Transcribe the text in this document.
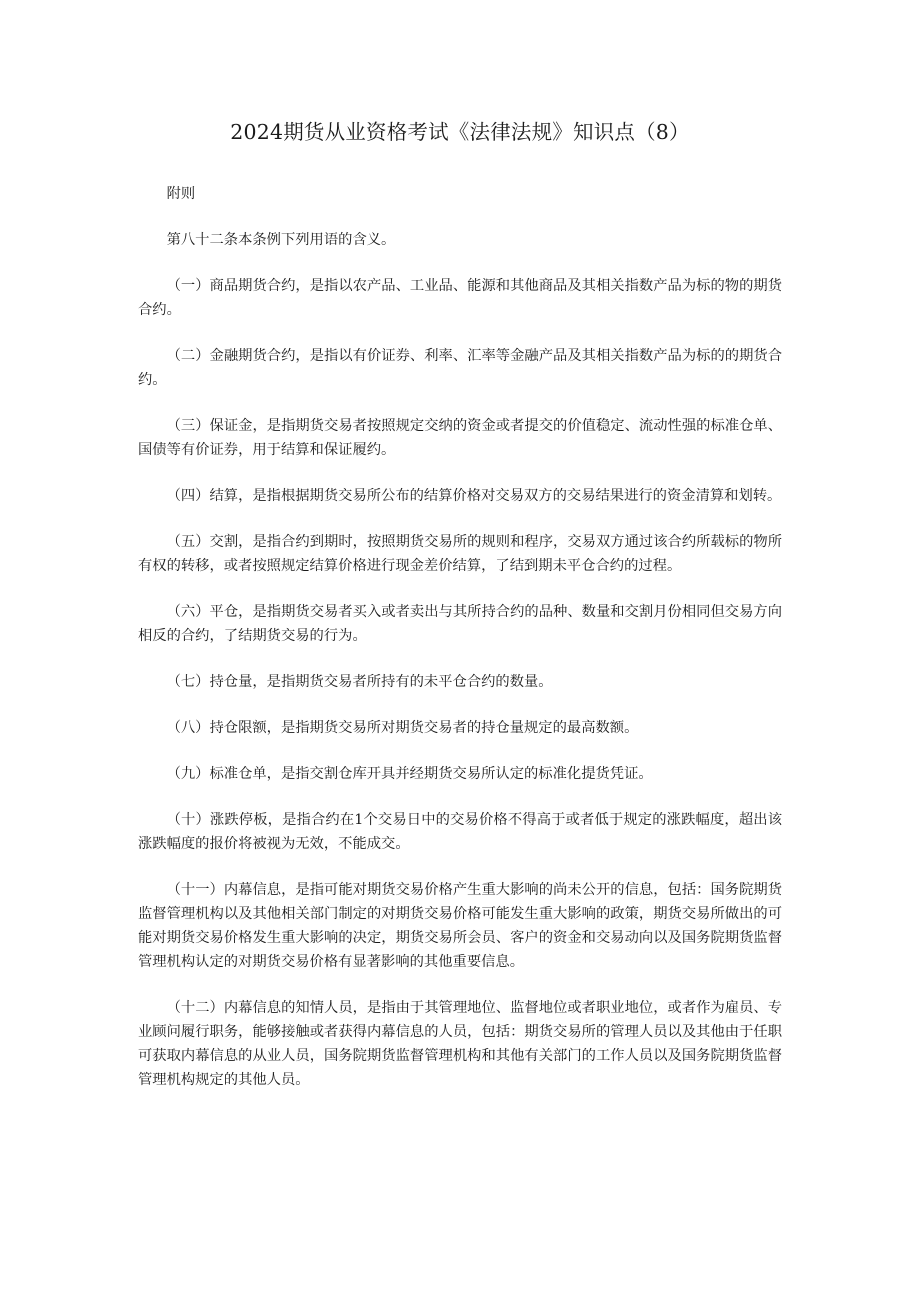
2024期货从业资格考试《法律法规》知识点（8）

附则

第八十二条本条例下列用语的含义。

（一）商品期货合约，是指以农产品、工业品、能源和其他商品及其相关指数产品为标的物的期货合约。

（二）金融期货合约，是指以有价证券、利率、汇率等金融产品及其相关指数产品为标的的期货合约。

（三）保证金，是指期货交易者按照规定交纳的资金或者提交的价值稳定、流动性强的标准仓单、国债等有价证券，用于结算和保证履约。

（四）结算，是指根据期货交易所公布的结算价格对交易双方的交易结果进行的资金清算和划转。

（五）交割，是指合约到期时，按照期货交易所的规则和程序，交易双方通过该合约所载标的物所有权的转移，或者按照规定结算价格进行现金差价结算，了结到期未平仓合约的过程。

（六）平仓，是指期货交易者买入或者卖出与其所持合约的品种、数量和交割月份相同但交易方向相反的合约，了结期货交易的行为。

（七）持仓量，是指期货交易者所持有的未平仓合约的数量。

（八）持仓限额，是指期货交易所对期货交易者的持仓量规定的最高数额。

（九）标准仓单，是指交割仓库开具并经期货交易所认定的标准化提货凭证。

（十）涨跌停板，是指合约在1个交易日中的交易价格不得高于或者低于规定的涨跌幅度，超出该涨跌幅度的报价将被视为无效，不能成交。

（十一）内幕信息，是指可能对期货交易价格产生重大影响的尚未公开的信息，包括：国务院期货监督管理机构以及其他相关部门制定的对期货交易价格可能发生重大影响的政策，期货交易所做出的可能对期货交易价格发生重大影响的决定，期货交易所会员、客户的资金和交易动向以及国务院期货监督管理机构认定的对期货交易价格有显著影响的其他重要信息。

（十二）内幕信息的知情人员，是指由于其管理地位、监督地位或者职业地位，或者作为雇员、专业顾问履行职务，能够接触或者获得内幕信息的人员，包括：期货交易所的管理人员以及其他由于任职可获取内幕信息的从业人员，国务院期货监督管理机构和其他有关部门的工作人员以及国务院期货监督管理机构规定的其他人员。
